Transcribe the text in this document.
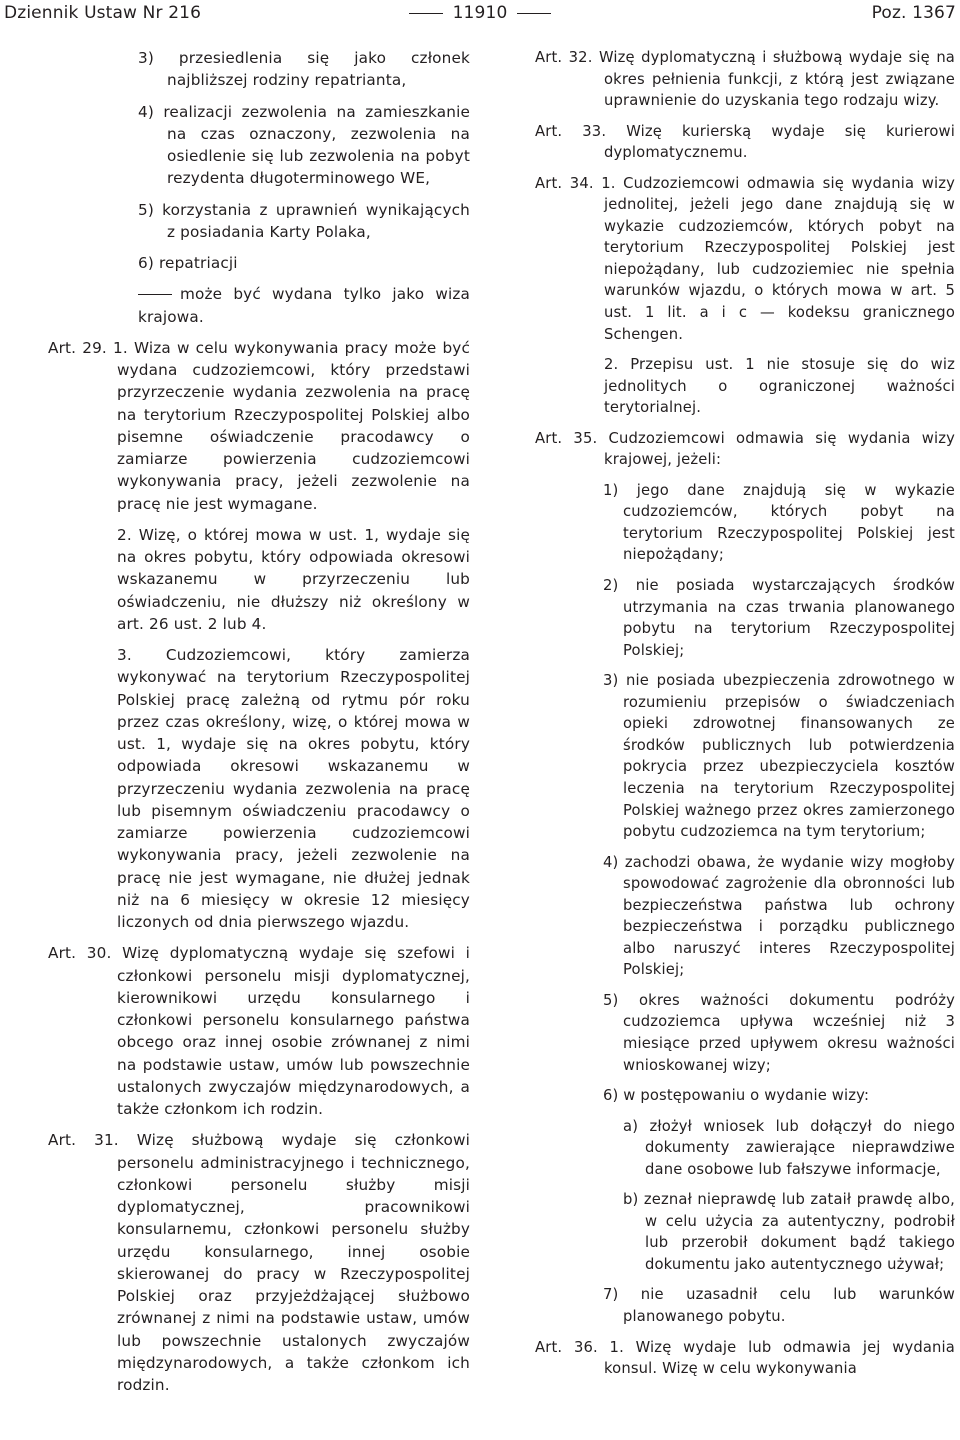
Dziennik Ustaw Nr 216	11910	Poz. 1367
3) przesiedlenia się jako członek najbliższej rodziny repatrianta,
4) realizacji zezwolenia na zamieszkanie na czas oznaczony, zezwolenia na osiedlenie się lub zezwolenia na pobyt rezydenta długoterminowego WE,
5) korzystania z uprawnień wynikających z posiadania Karty Polaka,
6) repatriacji
może być wydana tylko jako wiza krajowa.
Art. 29. 1. Wiza w celu wykonywania pracy może być wydana cudzoziemcowi, który przedstawi przyrzeczenie wydania zezwolenia na pracę na terytorium Rzeczypospolitej Polskiej albo pisemne oświadczenie pracodawcy o zamiarze powierzenia cudzoziemcowi wykonywania pracy, jeżeli zezwolenie na pracę nie jest wymagane.
2. Wizę, o której mowa w ust. 1, wydaje się na okres pobytu, który odpowiada okresowi wskazanemu w przyrzeczeniu lub oświadczeniu, nie dłuższy niż określony w art. 26 ust. 2 lub 4.
3. Cudzoziemcowi, który zamierza wykonywać na terytorium Rzeczypospolitej Polskiej pracę zależną od rytmu pór roku przez czas określony, wizę, o której mowa w ust. 1, wydaje się na okres pobytu, który odpowiada okresowi wskazanemu w przyrzeczeniu wydania zezwolenia na pracę lub pisemnym oświadczeniu pracodawcy o zamiarze powierzenia cudzoziemcowi wykonywania pracy, jeżeli zezwolenie na pracę nie jest wymagane, nie dłużej jednak niż na 6 miesięcy w okresie 12 miesięcy liczonych od dnia pierwszego wjazdu.
Art. 30. Wizę dyplomatyczną wydaje się szefowi i członkowi personelu misji dyplomatycznej, kierownikowi urzędu konsularnego i członkowi personelu konsularnego państwa obcego oraz innej osobie zrównanej z nimi na podstawie ustaw, umów lub powszechnie ustalonych zwyczajów międzynarodowych, a także członkom ich rodzin.
Art. 31. Wizę służbową wydaje się członkowi personelu administracyjnego i technicznego, członkowi personelu służby misji dyplomatycznej, pracownikowi konsularnemu, członkowi personelu służby urzędu konsularnego, innej osobie skierowanej do pracy w Rzeczypospolitej Polskiej oraz przyjeżdżającej służbowo zrównanej z nimi na podstawie ustaw, umów lub powszechnie ustalonych zwyczajów międzynarodowych, a także członkom ich rodzin.
Art. 32. Wizę dyplomatyczną i służbową wydaje się na okres pełnienia funkcji, z którą jest związane uprawnienie do uzyskania tego rodzaju wizy.
Art. 33. Wizę kurierską wydaje się kurierowi dyplomatycznemu.
Art. 34. 1. Cudzoziemcowi odmawia się wydania wizy jednolitej, jeżeli jego dane znajdują się w wykazie cudzoziemców, których pobyt na terytorium Rzeczypospolitej Polskiej jest niepożądany, lub cudzoziemiec nie spełnia warunków wjazdu, o których mowa w art. 5 ust. 1 lit. a i c — kodeksu granicznego Schengen.
2. Przepisu ust. 1 nie stosuje się do wiz jednolitych o ograniczonej ważności terytorialnej.
Art. 35. Cudzoziemcowi odmawia się wydania wizy krajowej, jeżeli:
1) jego dane znajdują się w wykazie cudzoziemców, których pobyt na terytorium Rzeczypospolitej Polskiej jest niepożądany;
2) nie posiada wystarczających środków utrzymania na czas trwania planowanego pobytu na terytorium Rzeczypospolitej Polskiej;
3) nie posiada ubezpieczenia zdrowotnego w rozumieniu przepisów o świadczeniach opieki zdrowotnej finansowanych ze środków publicznych lub potwierdzenia pokrycia przez ubezpieczyciela kosztów leczenia na terytorium Rzeczypospolitej Polskiej ważnego przez okres zamierzonego pobytu cudzoziemca na tym terytorium;
4) zachodzi obawa, że wydanie wizy mogłoby spowodować zagrożenie dla obronności lub bezpieczeństwa państwa lub ochrony bezpieczeństwa i porządku publicznego albo naruszyć interes Rzeczypospolitej Polskiej;
5) okres ważności dokumentu podróży cudzoziemca upływa wcześniej niż 3 miesiące przed upływem okresu ważności wnioskowanej wizy;
6) w postępowaniu o wydanie wizy:
a) złożył wniosek lub dołączył do niego dokumenty zawierające nieprawdziwe dane osobowe lub fałszywe informacje,
b) zeznał nieprawdę lub zataił prawdę albo, w celu użycia za autentyczny, podrobił lub przerobił dokument bądź takiego dokumentu jako autentycznego używał;
7) nie uzasadnił celu lub warunków planowanego pobytu.
Art. 36. 1. Wizę wydaje lub odmawia jej wydania konsul. Wizę w celu wykonywania
